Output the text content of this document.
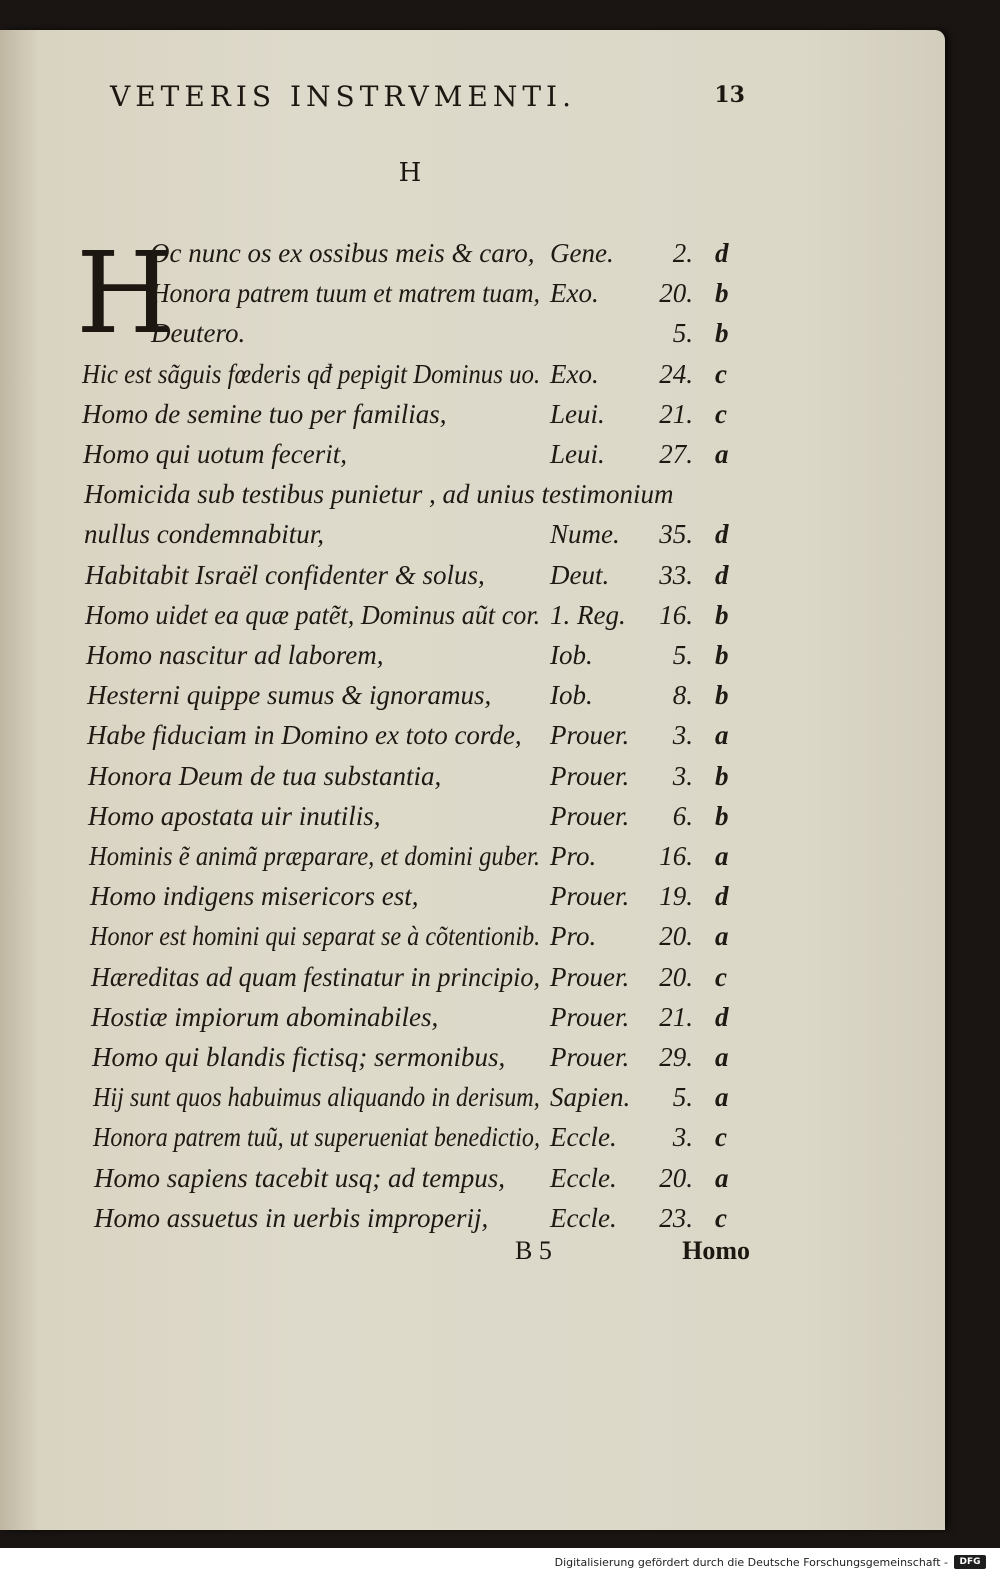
VETERIS INSTRVMENTI.	13
H
H
Oc nunc os ex ossibus meis & caro, Gene.	2. d
Honora patrem tuum et matrem tuam, Exo. 20. b
Deutero.	5. b
Hic est sãguis fœderis qđ pepigit Dominus uo. Exo. 24. c
Homo de semine tuo per familias,	Leui. 21. c
Homo qui uotum fecerit,	Leui. 27. a
Homicida sub testibus punietur , ad unius testimonium
nullus condemnabitur,	Nume. 35. d
Habitabit Israël confidenter & solus, Deut. 33. d
Homo uidet ea quæ patẽt, Dominus aũt cor. 1. Reg. 16. b
Homo nascitur ad laborem,	Iob.	5. b
Hesterni quippe sumus & ignoramus, Iob.	8. b
Habe fiduciam in Domino ex toto corde, Prouer.	3. a
Honora Deum de tua substantia,	Prouer.	3. b
Homo apostata uir inutilis,	Prouer.	6. b
Hominis ẽ animã præparare, et domini guber. Pro. 16. a
Homo indigens misericors est,	Prouer. 19. d
Honor est homini qui separat se à cõtentionib. Pro. 20. a
Hæreditas ad quam festinatur in principio, Prouer. 20. c
Hostiæ impiorum abominabiles,	Prouer. 21. d
Homo qui blandis fictisq; sermonibus, Prouer. 29. a
Hij sunt quos habuimus aliquando in derisum, Sapien.	5. a
Honora patrem tuũ, ut superueniat benedictio, Eccle.	3. c
Homo sapiens tacebit usq; ad tempus, Eccle. 20. a
Homo assuetus in uerbis improperij, Eccle. 23. c
B 5	Homo
Digitalisierung gefördert durch die Deutsche Forschungsgemeinschaft -	DFG
